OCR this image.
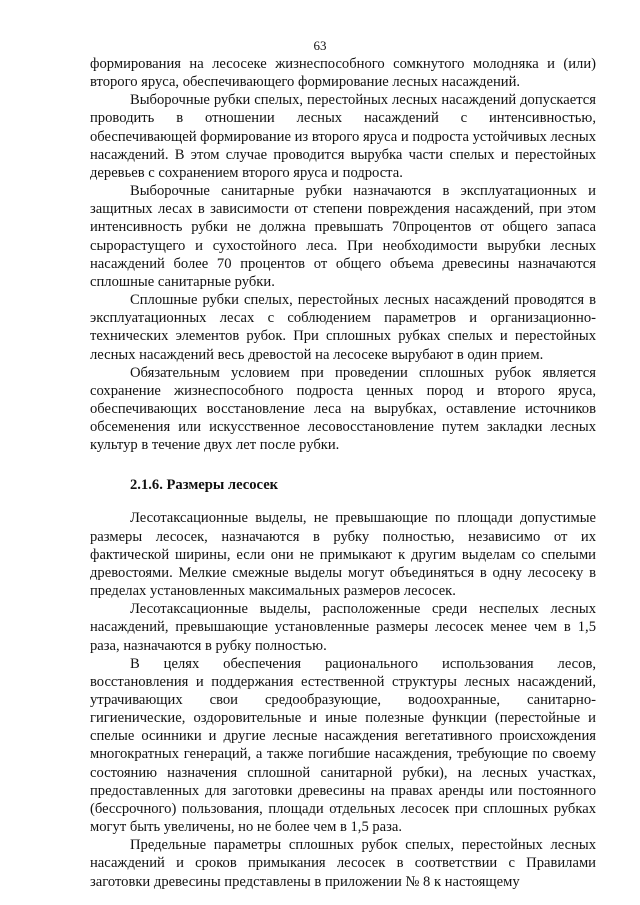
63

формирования на лесосеке жизнеспособного сомкнутого молодняка и (или) второго яруса, обеспечивающего формирование лесных насаждений.

Выборочные рубки спелых, перестойных лесных насаждений допускается проводить в отношении лесных насаждений с интенсивностью, обеспечивающей формирование из второго яруса и подроста устойчивых лесных насаждений. В этом случае проводится вырубка части спелых и перестойных деревьев с сохранением второго яруса и подроста.

Выборочные санитарные рубки назначаются в эксплуатационных и защитных лесах в зависимости от степени повреждения насаждений, при этом интенсивность рубки не должна превышать 70процентов от общего запаса сырорастущего и сухостойного леса. При необходимости вырубки лесных насаждений более 70 процентов от общего объема древесины назначаются сплошные санитарные рубки.

Сплошные рубки спелых, перестойных лесных насаждений проводятся в эксплуатационных лесах с соблюдением параметров и организационно-технических элементов рубок. При сплошных рубках спелых и перестойных лесных насаждений весь древостой на лесосеке вырубают в один прием.

Обязательным условием при проведении сплошных рубок является сохранение жизнеспособного подроста ценных пород и второго яруса, обеспечивающих восстановление леса на вырубках, оставление источников обсеменения или искусственное лесовосстановление путем закладки лесных культур в течение двух лет после рубки.

2.1.6. Размеры лесосек

Лесотаксационные выделы, не превышающие по площади допустимые размеры лесосек, назначаются в рубку полностью, независимо от их фактической ширины, если они не примыкают к другим выделам со спелыми древостоями. Мелкие смежные выделы могут объединяться в одну лесосеку в пределах установленных максимальных размеров лесосек.

Лесотаксационные выделы, расположенные среди неспелых лесных насаждений, превышающие установленные размеры лесосек менее чем в 1,5 раза, назначаются в рубку полностью.

В целях обеспечения рационального использования лесов, восстановления и поддержания естественной структуры лесных насаждений, утрачивающих свои средообразующие, водоохранные, санитарно-гигиенические, оздоровительные и иные полезные функции (перестойные и спелые осинники и другие лесные насаждения вегетативного происхождения многократных генераций, а также погибшие насаждения, требующие по своему состоянию назначения сплошной санитарной рубки), на лесных участках, предоставленных для заготовки древесины на правах аренды или постоянного (бессрочного) пользования, площади отдельных лесосек при сплошных рубках могут быть увеличены, но не более чем в 1,5 раза.

Предельные параметры сплошных рубок спелых, перестойных лесных насаждений и сроков примыкания лесосек в соответствии с Правилами заготовки древесины представлены в приложении № 8 к настоящему
